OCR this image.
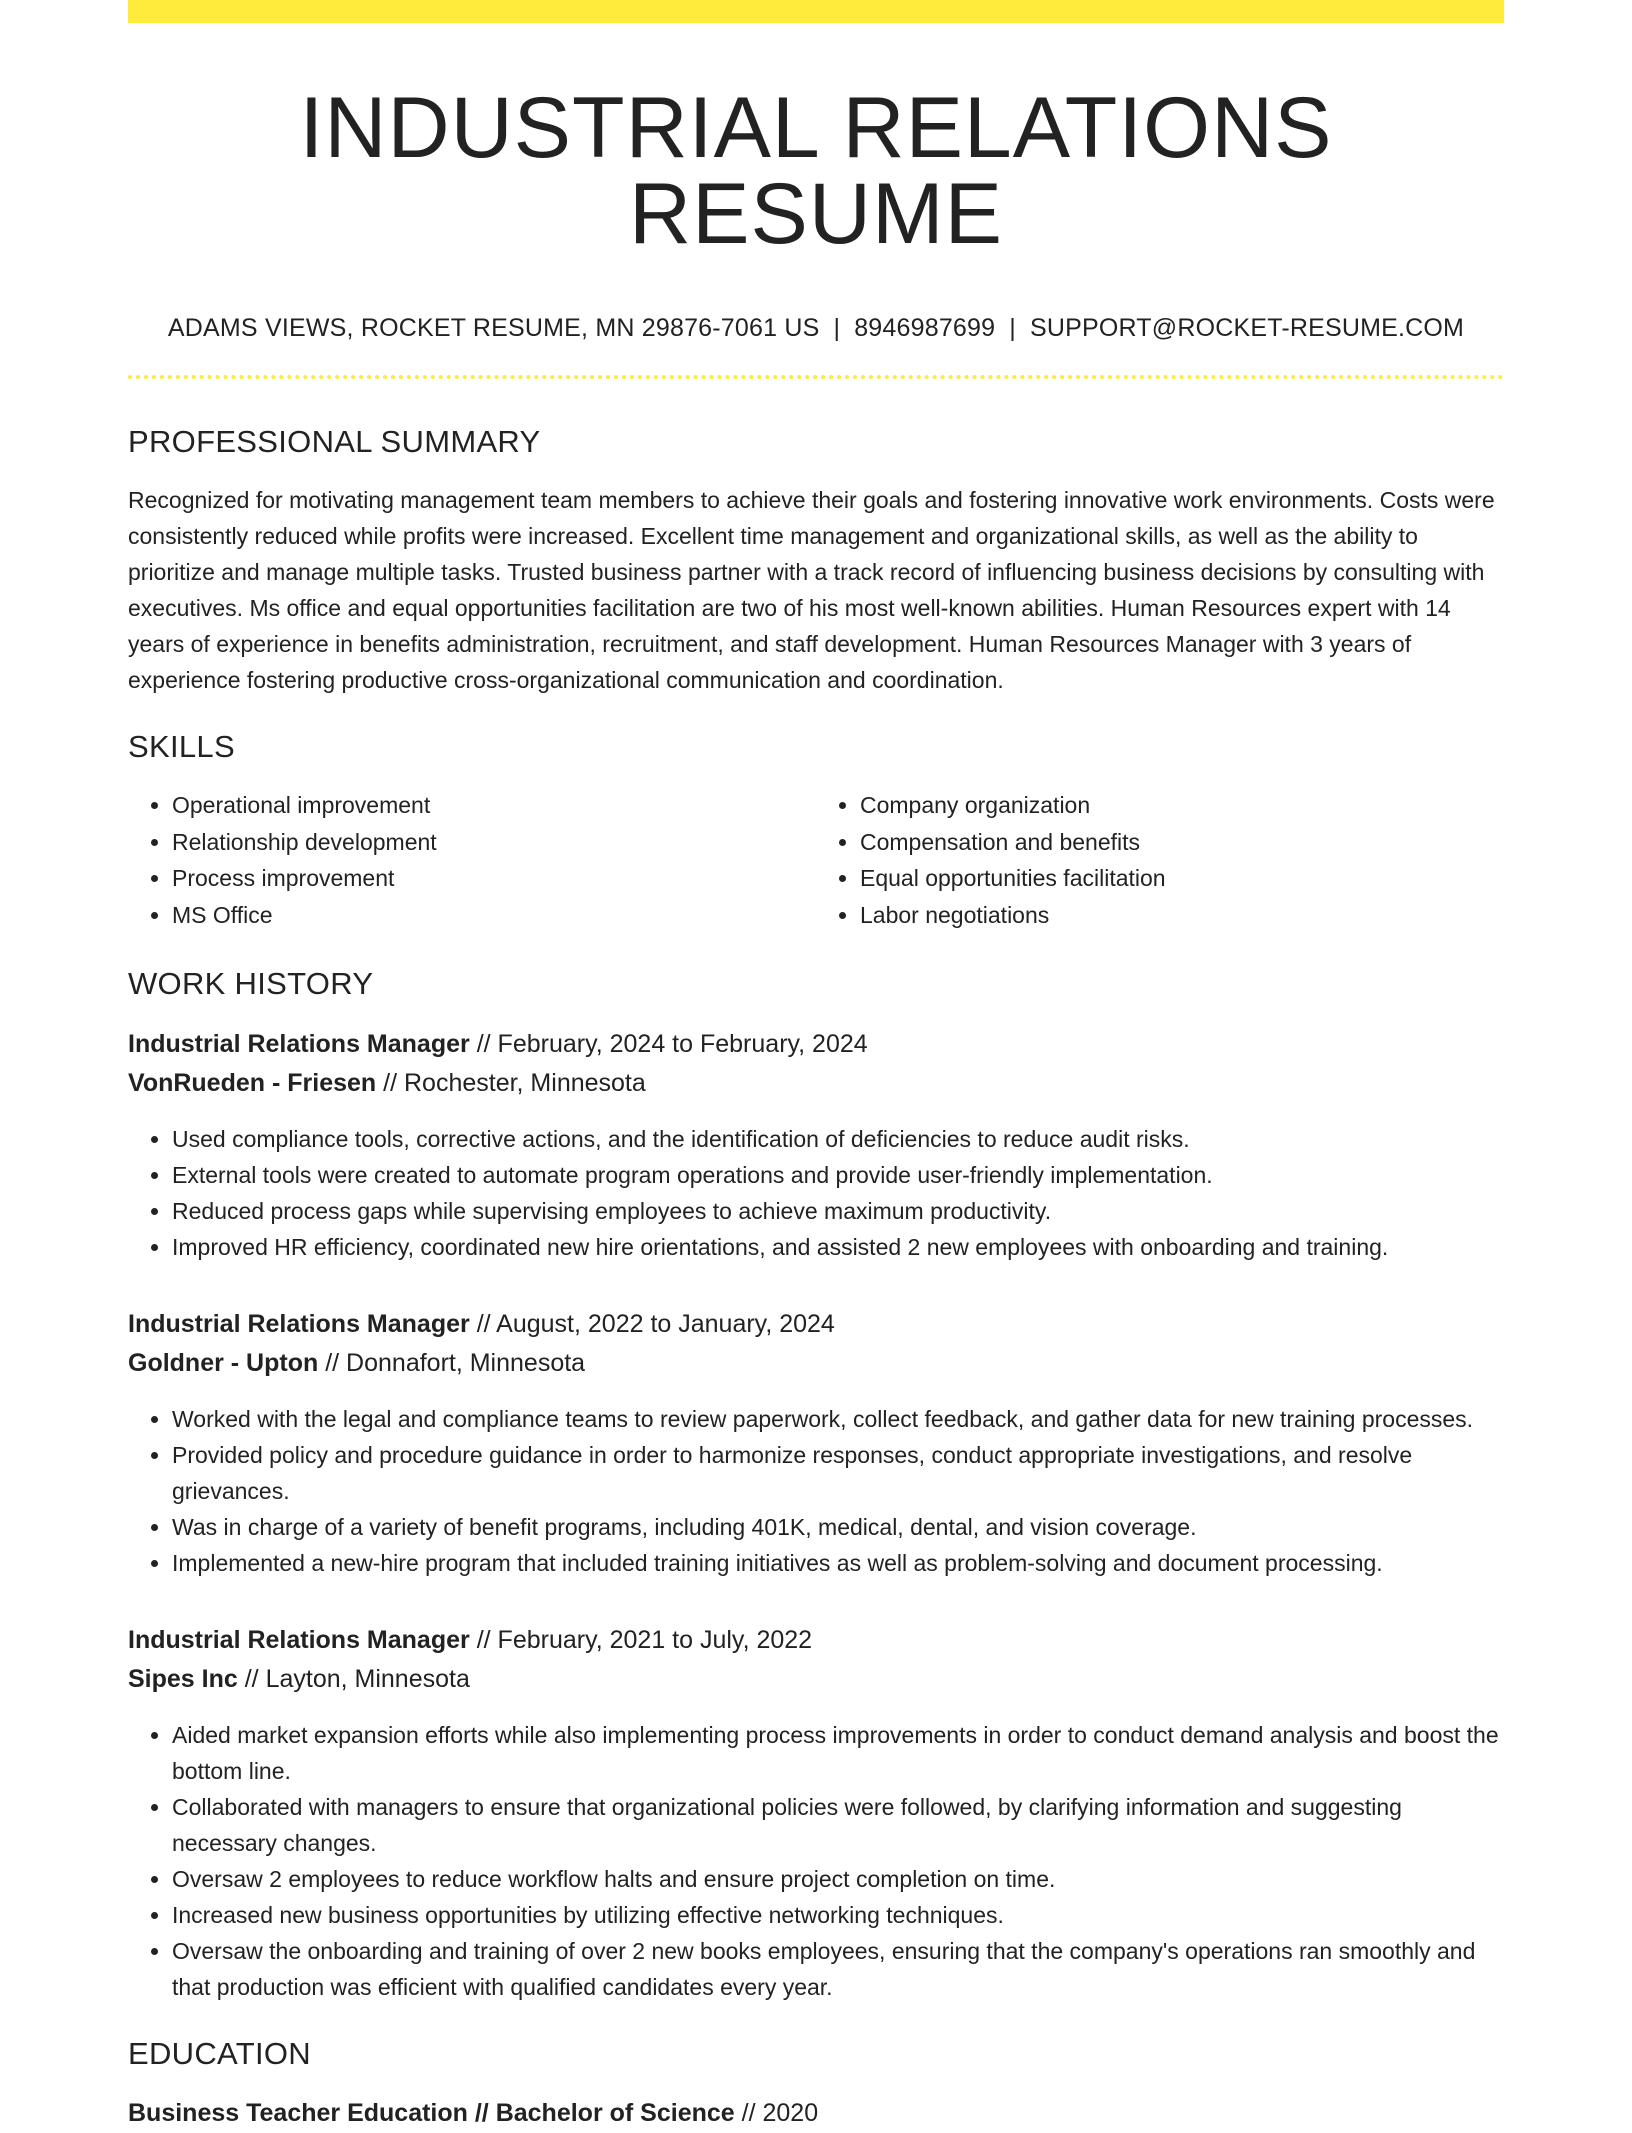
INDUSTRIAL RELATIONS RESUME
ADAMS VIEWS, ROCKET RESUME, MN 29876-7061 US | 8946987699 | SUPPORT@ROCKET-RESUME.COM
PROFESSIONAL SUMMARY
Recognized for motivating management team members to achieve their goals and fostering innovative work environments. Costs were consistently reduced while profits were increased. Excellent time management and organizational skills, as well as the ability to prioritize and manage multiple tasks. Trusted business partner with a track record of influencing business decisions by consulting with executives. Ms office and equal opportunities facilitation are two of his most well-known abilities. Human Resources expert with 14 years of experience in benefits administration, recruitment, and staff development. Human Resources Manager with 3 years of experience fostering productive cross-organizational communication and coordination.
SKILLS
• Operational improvement
• Relationship development
• Process improvement
• MS Office
• Company organization
• Compensation and benefits
• Equal opportunities facilitation
• Labor negotiations
WORK HISTORY
Industrial Relations Manager // February, 2024 to February, 2024
VonRueden - Friesen // Rochester, Minnesota
• Used compliance tools, corrective actions, and the identification of deficiencies to reduce audit risks.
• External tools were created to automate program operations and provide user-friendly implementation.
• Reduced process gaps while supervising employees to achieve maximum productivity.
• Improved HR efficiency, coordinated new hire orientations, and assisted 2 new employees with onboarding and training.
Industrial Relations Manager // August, 2022 to January, 2024
Goldner - Upton // Donnafort, Minnesota
• Worked with the legal and compliance teams to review paperwork, collect feedback, and gather data for new training processes.
• Provided policy and procedure guidance in order to harmonize responses, conduct appropriate investigations, and resolve grievances.
• Was in charge of a variety of benefit programs, including 401K, medical, dental, and vision coverage.
• Implemented a new-hire program that included training initiatives as well as problem-solving and document processing.
Industrial Relations Manager // February, 2021 to July, 2022
Sipes Inc // Layton, Minnesota
• Aided market expansion efforts while also implementing process improvements in order to conduct demand analysis and boost the bottom line.
• Collaborated with managers to ensure that organizational policies were followed, by clarifying information and suggesting necessary changes.
• Oversaw 2 employees to reduce workflow halts and ensure project completion on time.
• Increased new business opportunities by utilizing effective networking techniques.
• Oversaw the onboarding and training of over 2 new books employees, ensuring that the company's operations ran smoothly and that production was efficient with qualified candidates every year.
EDUCATION
Business Teacher Education // Bachelor of Science // 2020
